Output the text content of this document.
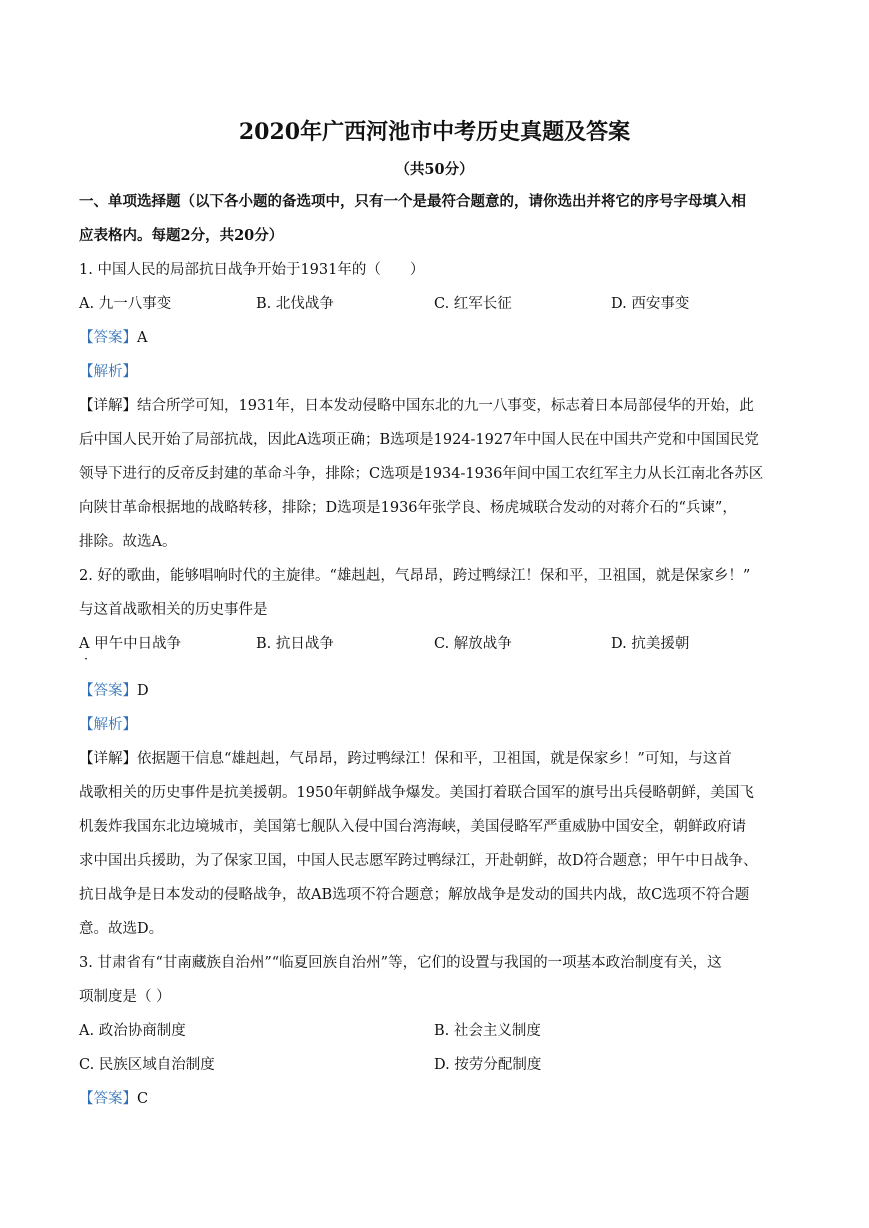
2020年广西河池市中考历史真题及答案
（共50分）
一、单项选择题（以下各小题的备选项中，只有一个是最符合题意的，请你选出并将它的序号字母填入相
应表格内。每题2分，共20分）
1. 中国人民的局部抗日战争开始于1931年的（　　）
A. 九一八事变	B. 北伐战争	C. 红军长征	D. 西安事变
【答案】A
【解析】
【详解】结合所学可知，1931年，日本发动侵略中国东北的九一八事变，标志着日本局部侵华的开始，此
后中国人民开始了局部抗战，因此A选项正确；B选项是1924-1927年中国人民在中国共产党和中国国民党
领导下进行的反帝反封建的革命斗争，排除；C选项是1934-1936年间中国工农红军主力从长江南北各苏区
向陕甘革命根据地的战略转移，排除；D选项是1936年张学良、杨虎城联合发动的对蒋介石的“兵谏”，
排除。故选A。
2. 好的歌曲，能够唱响时代的主旋律。“雄赳赳，气昂昂，跨过鸭绿江！保和平，卫祖国，就是保家乡！”
与这首战歌相关的历史事件是
A 甲午中日战争	B. 抗日战争	C. 解放战争	D. 抗美援朝
·
【答案】D
【解析】
【详解】依据题干信息“雄赳赳，气昂昂，跨过鸭绿江！保和平，卫祖国，就是保家乡！”可知，与这首
战歌相关的历史事件是抗美援朝。1950年朝鲜战争爆发。美国打着联合国军的旗号出兵侵略朝鲜，美国飞
机轰炸我国东北边境城市，美国第七舰队入侵中国台湾海峡，美国侵略军严重威胁中国安全，朝鲜政府请
求中国出兵援助，为了保家卫国，中国人民志愿军跨过鸭绿江，开赴朝鲜，故D符合题意；甲午中日战争、
抗日战争是日本发动的侵略战争，故AB选项不符合题意；解放战争是发动的国共内战，故C选项不符合题
意。故选D。
3. 甘肃省有“甘南藏族自治州”“临夏回族自治州”等，它们的设置与我国的一项基本政治制度有关，这
项制度是（ ）
A. 政治协商制度	B. 社会主义制度
C. 民族区域自治制度	D. 按劳分配制度
【答案】C
